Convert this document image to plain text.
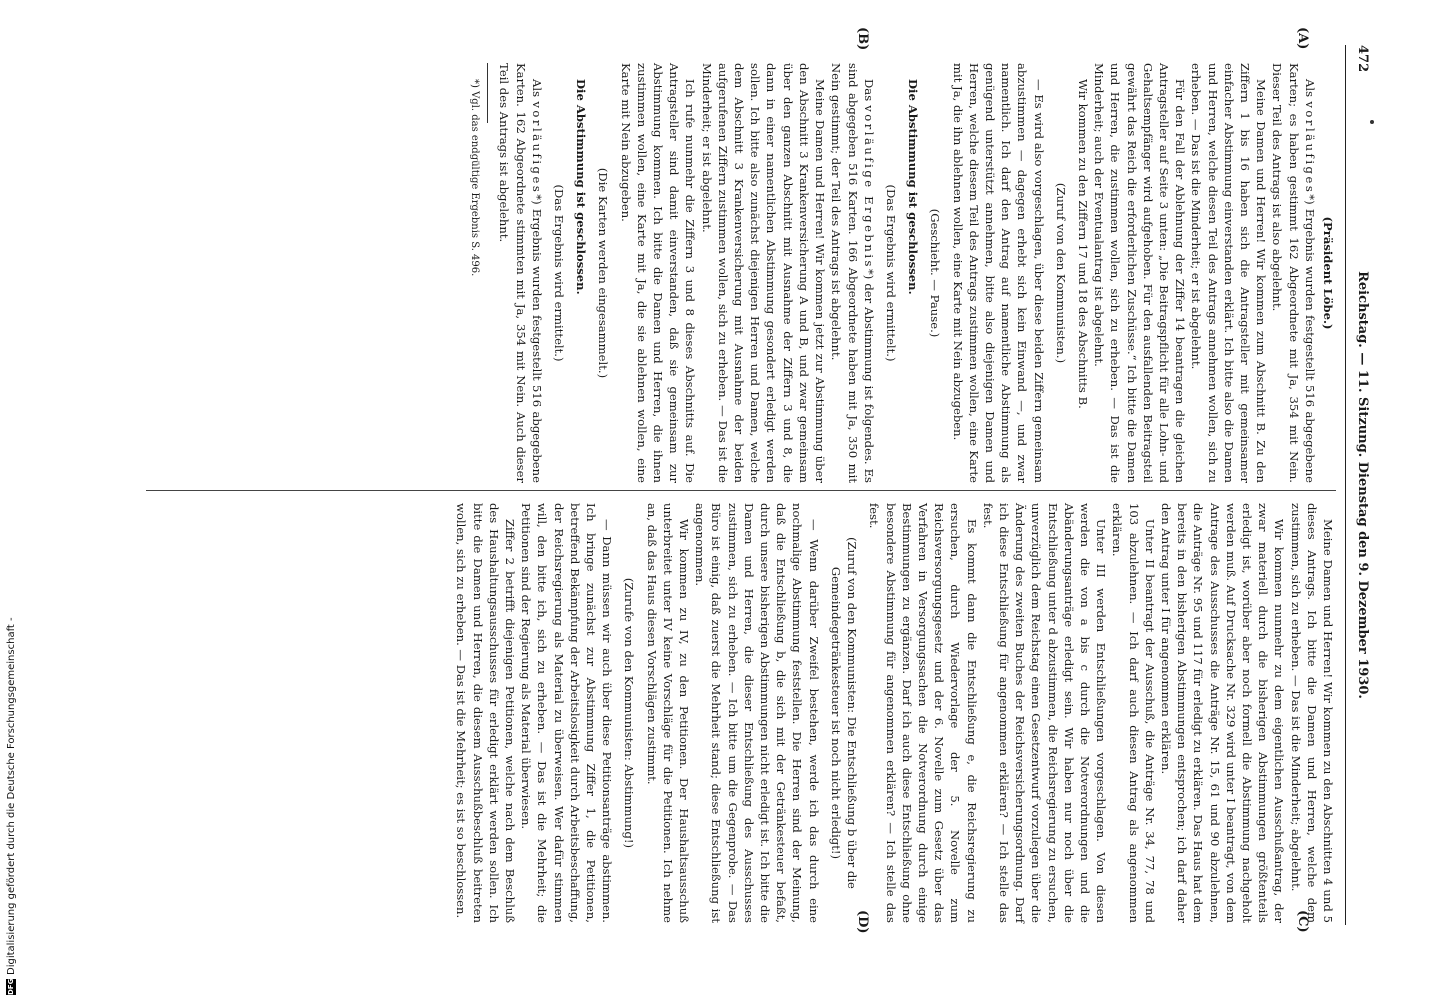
DFGDigitalisierung gefördert durch die Deutsche Forschungsgemeinschaft -
472
Reichstag. — 11. Sitzung. Dienstag den 9. Dezember 1930.
(A)
(B)
(C)
(D)

(Präsident Löbe.)

Als vorläufiges*) Ergebnis wurden festgestellt 516 abgegebene Karten; es haben gestimmt 162 Abgeordnete mit Ja, 354 mit Nein. Dieser Teil des Antrags ist also abgelehnt.

Meine Damen und Herren! Wir kommen zum Abschnitt B. Zu den Ziffern 1 bis 16 haben sich die Antragsteller mit gemeinsamer einfacher Abstimmung einverstanden erklärt. Ich bitte also die Damen und Herren, welche diesen Teil des Antrags annehmen wollen, sich zu erheben. — Das ist die Minderheit; er ist abgelehnt.

Für den Fall der Ablehnung der Ziffer 14 beantragen die gleichen Antragsteller auf Seite 3 unten: „Die Beitragspflicht für alle Lohn- und Gehaltsempfänger wird aufgehoben. Für den ausfallenden Beitragsteil gewährt das Reich die erforderlichen Zuschüsse.“ Ich bitte die Damen und Herren, die zustimmen wollen, sich zu erheben. — Das ist die Minderheit; auch der Eventualantrag ist abgelehnt.

Wir kommen zu den Ziffern 17 und 18 des Abschnitts B.

(Zuruf von den Kommunisten.)

— Es wird also vorgeschlagen, über diese beiden Ziffern gemeinsam abzustimmen — dagegen erhebt sich kein Einwand —, und zwar namentlich. Ich darf den Antrag auf namentliche Abstimmung als genügend unterstützt annehmen, bitte also diejenigen Damen und Herren, welche diesem Teil des Antrags zustimmen wollen, eine Karte mit Ja, die ihn ablehnen wollen, eine Karte mit Nein abzugeben.

(Geschieht. — Pause.)

Die Abstimmung ist geschlossen.

(Das Ergebnis wird ermittelt.)

Das vorläufige Ergebnis*) der Abstimmung ist folgendes. Es sind abgegeben 516 Karten. 166 Abgeordnete haben mit Ja, 350 mit Nein gestimmt; der Teil des Antrags ist abgelehnt.

Meine Damen und Herren! Wir kommen jetzt zur Abstimmung über den Abschnitt 3 Krankenversicherung A und B, und zwar gemeinsam über den ganzen Abschnitt mit Ausnahme der Ziffern 3 und 8, die dann in einer namentlichen Abstimmung gesondert erledigt werden sollen. Ich bitte also zunächst diejenigen Herren und Damen, welche dem Abschnitt 3 Krankenversicherung mit Ausnahme der beiden aufgerufenen Ziffern zustimmen wollen, sich zu erheben. — Das ist die Minderheit; er ist abgelehnt.

Ich rufe nunmehr die Ziffern 3 und 8 dieses Abschnitts auf. Die Antragsteller sind damit einverstanden, daß sie gemeinsam zur Abstimmung kommen. Ich bitte die Damen und Herren, die ihnen zustimmen wollen, eine Karte mit Ja, die sie ablehnen wollen, eine Karte mit Nein abzugeben.

(Die Karten werden eingesammelt.)

Die Abstimmung ist geschlossen.

(Das Ergebnis wird ermittelt.)

Als vorläufiges*) Ergebnis wurden festgestellt 516 abgegebene Karten. 162 Abgeordnete stimmten mit Ja, 354 mit Nein. Auch dieser Teil des Antrags ist abgelehnt.

*) Vgl. das endgültige Ergebnis S. 496.

Meine Damen und Herren! Wir kommen zu den Abschnitten 4 und 5 dieses Antrags. Ich bitte die Damen und Herren, welche dem zustimmen, sich zu erheben. — Das ist die Minderheit; abgelehnt.

Wir kommen nunmehr zu dem eigentlichen Ausschußantrag, der zwar materiell durch die bisherigen Abstimmungen größtenteils erledigt ist, worüber aber noch formell die Abstimmung nachgeholt werden muß. Auf Drucksache Nr. 329 wird unter I beantragt, von dem Antrage des Ausschusses die Anträge Nr. 15, 61 und 90 abzulehnen, die Anträge Nr. 95 und 117 für erledigt zu erklären. Das Haus hat dem bereits in den bisherigen Abstimmungen entsprochen; ich darf daher den Antrag unter I für angenommen erklären.

Unter II beantragt der Ausschuß, die Anträge Nr. 34, 77, 78 und 103 abzulehnen. — Ich darf auch diesen Antrag als angenommen erklären.

Unter III werden Entschließungen vorgeschlagen. Von diesen werden die von a bis c durch die Notverordnungen und die Abänderungsanträge erledigt sein. Wir haben nur noch über die Entschließung unter d abzustimmen, die Reichsregierung zu ersuchen, unverzüglich dem Reichstag einen Gesetzentwurf vorzulegen über die Änderung des zweiten Buches der Reichsversicherungsordnung. Darf ich diese Entschließung für angenommen erklären? — Ich stelle das fest.

Es kommt dann die Entschließung e, die Reichsregierung zu ersuchen, durch Wiedervorlage der 5. Novelle zum Reichsversorgungsgesetz und der 6. Novelle zum Gesetz über das Verfahren in Versorgungssachen die Notverordnung durch einige Bestimmungen zu ergänzen. Darf ich auch diese Entschließung ohne besondere Abstimmung für angenommen erklären? — Ich stelle das fest.

(Zuruf von den Kommunisten: Die Entschließung b über die Gemeindegetränkesteuer ist noch nicht erledigt!)

— Wenn darüber Zweifel bestehen, werde ich das durch eine nochmalige Abstimmung feststellen. Die Herren sind der Meinung, daß die Entschließung b, die sich mit der Getränkesteuer befaßt, durch unsere bisherigen Abstimmungen nicht erledigt ist. Ich bitte die Damen und Herren, die dieser Entschließung des Ausschusses zustimmen, sich zu erheben. — Ich bitte um die Gegenprobe. — Das Büro ist einig, daß zuerst die Mehrheit stand; diese Entschließung ist angenommen.

Wir kommen zu IV, zu den Petitionen. Der Haushaltsausschuß unterbreitet unter IV keine Vorschläge für die Petitionen. Ich nehme an, daß das Haus diesen Vorschlägen zustimmt.

(Zurufe von den Kommunisten: Abstimmung!)

— Dann müssen wir auch über diese Petitionsanträge abstimmen. Ich bringe zunächst zur Abstimmung Ziffer 1, die Petitionen, betreffend Bekämpfung der Arbeitslosigkeit durch Arbeitsbeschaffung, der Reichsregierung als Material zu überweisen. Wer dafür stimmen will, den bitte ich, sich zu erheben. — Das ist die Mehrheit; die Petitionen sind der Regierung als Material überwiesen.

Ziffer 2 betrifft diejenigen Petitionen, welche nach dem Beschluß des Haushaltungsausschusses für erledigt erklärt werden sollen. Ich bitte die Damen und Herren, die diesem Ausschußbeschluß beitreten wollen, sich zu erheben. — Das ist die Mehrheit; es ist so beschlossen.
